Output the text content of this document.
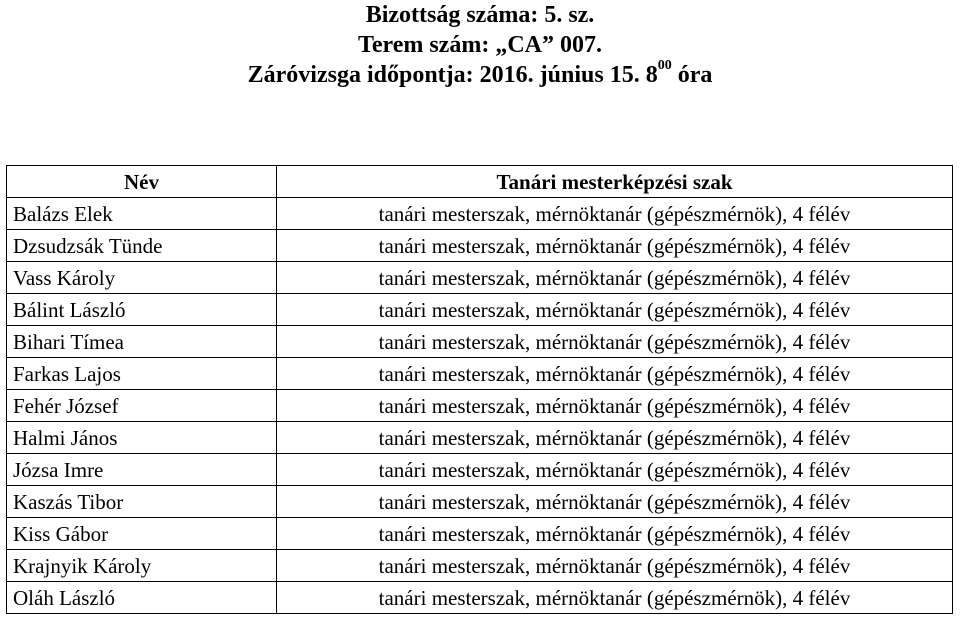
Bizottság száma: 5. sz.
Terem szám: „CA” 007.
Záróvizsga időpontja: 2016. június 15. $8^{00}$ óra
Név	Tanári mesterképzési szak
Balázs Elek	tanári mesterszak, mérnöktanár (gépészmérnök), 4 félév
Dzsudzsák Tünde	tanári mesterszak, mérnöktanár (gépészmérnök), 4 félév
Vass Károly	tanári mesterszak, mérnöktanár (gépészmérnök), 4 félév
Bálint László	tanári mesterszak, mérnöktanár (gépészmérnök), 4 félév
Bihari Tímea	tanári mesterszak, mérnöktanár (gépészmérnök), 4 félév
Farkas Lajos	tanári mesterszak, mérnöktanár (gépészmérnök), 4 félév
Fehér József	tanári mesterszak, mérnöktanár (gépészmérnök), 4 félév
Halmi János	tanári mesterszak, mérnöktanár (gépészmérnök), 4 félév
Józsa Imre	tanári mesterszak, mérnöktanár (gépészmérnök), 4 félév
Kaszás Tibor	tanári mesterszak, mérnöktanár (gépészmérnök), 4 félév
Kiss Gábor	tanári mesterszak, mérnöktanár (gépészmérnök), 4 félév
Krajnyik Károly	tanári mesterszak, mérnöktanár (gépészmérnök), 4 félév
Oláh László	tanári mesterszak, mérnöktanár (gépészmérnök), 4 félév
